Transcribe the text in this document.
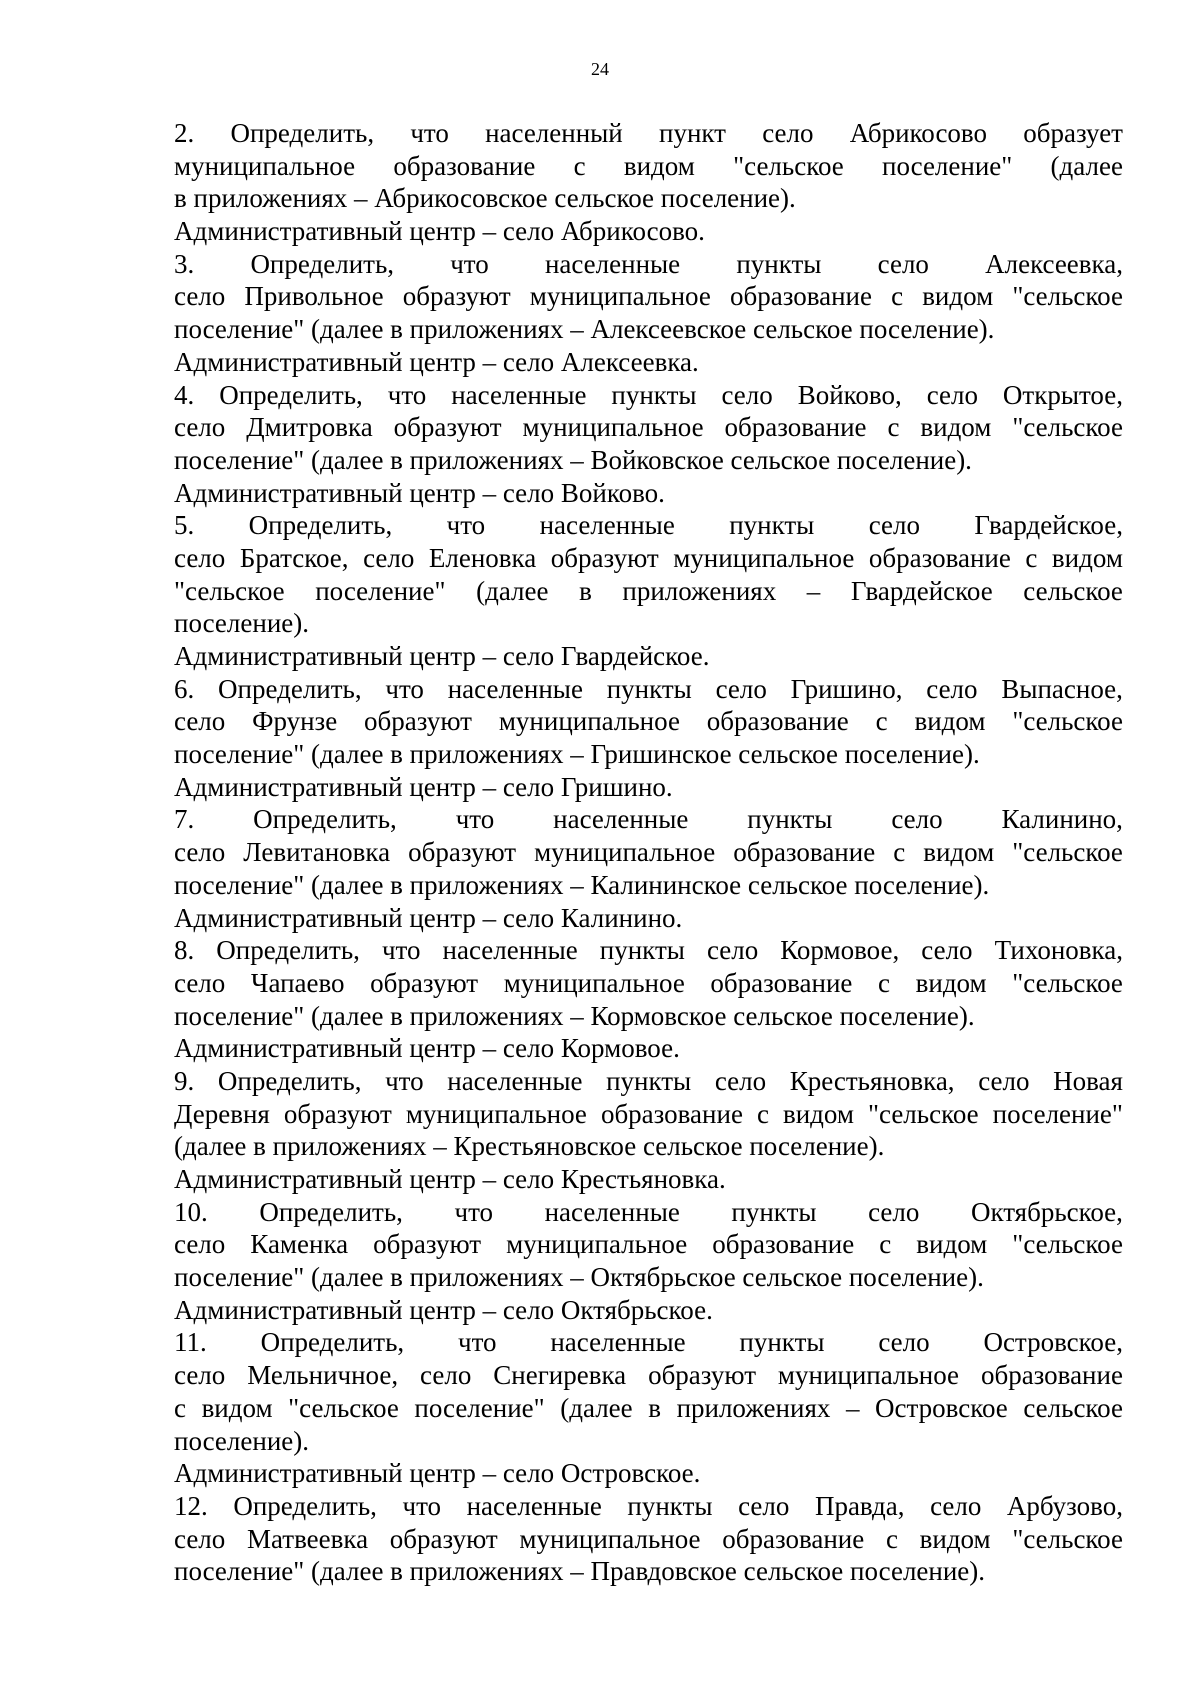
24
2. Определить, что населенный пункт село Абрикосово образует
муниципальное образование с видом "сельское поселение" (далее
в приложениях – Абрикосовское сельское поселение).
Административный центр – село Абрикосово.
3. Определить, что населенные пункты село Алексеевка,
село Привольное образуют муниципальное образование с видом "сельское
поселение" (далее в приложениях – Алексеевское сельское поселение).
Административный центр – село Алексеевка.
4. Определить, что населенные пункты село Войково, село Открытое,
село Дмитровка образуют муниципальное образование с видом "сельское
поселение" (далее в приложениях – Войковское сельское поселение).
Административный центр – село Войково.
5. Определить, что населенные пункты село Гвардейское,
село Братское, село Еленовка образуют муниципальное образование с видом
"сельское поселение" (далее в приложениях – Гвардейское сельское
поселение).
Административный центр – село Гвардейское.
6. Определить, что населенные пункты село Гришино, село Выпасное,
село Фрунзе образуют муниципальное образование с видом "сельское
поселение" (далее в приложениях – Гришинское сельское поселение).
Административный центр – село Гришино.
7. Определить, что населенные пункты село Калинино,
село Левитановка образуют муниципальное образование с видом "сельское
поселение" (далее в приложениях – Калининское сельское поселение).
Административный центр – село Калинино.
8. Определить, что населенные пункты село Кормовое, село Тихоновка,
село Чапаево образуют муниципальное образование с видом "сельское
поселение" (далее в приложениях – Кормовское сельское поселение).
Административный центр – село Кормовое.
9. Определить, что населенные пункты село Крестьяновка, село Новая
Деревня образуют муниципальное образование с видом "сельское поселение"
(далее в приложениях – Крестьяновское сельское поселение).
Административный центр – село Крестьяновка.
10. Определить, что населенные пункты село Октябрьское,
село Каменка образуют муниципальное образование с видом "сельское
поселение" (далее в приложениях – Октябрьское сельское поселение).
Административный центр – село Октябрьское.
11. Определить, что населенные пункты село Островское,
село Мельничное, село Снегиревка образуют муниципальное образование
с видом "сельское поселение" (далее в приложениях – Островское сельское
поселение).
Административный центр – село Островское.
12. Определить, что населенные пункты село Правда, село Арбузово,
село Матвеевка образуют муниципальное образование с видом "сельское
поселение" (далее в приложениях – Правдовское сельское поселение).
